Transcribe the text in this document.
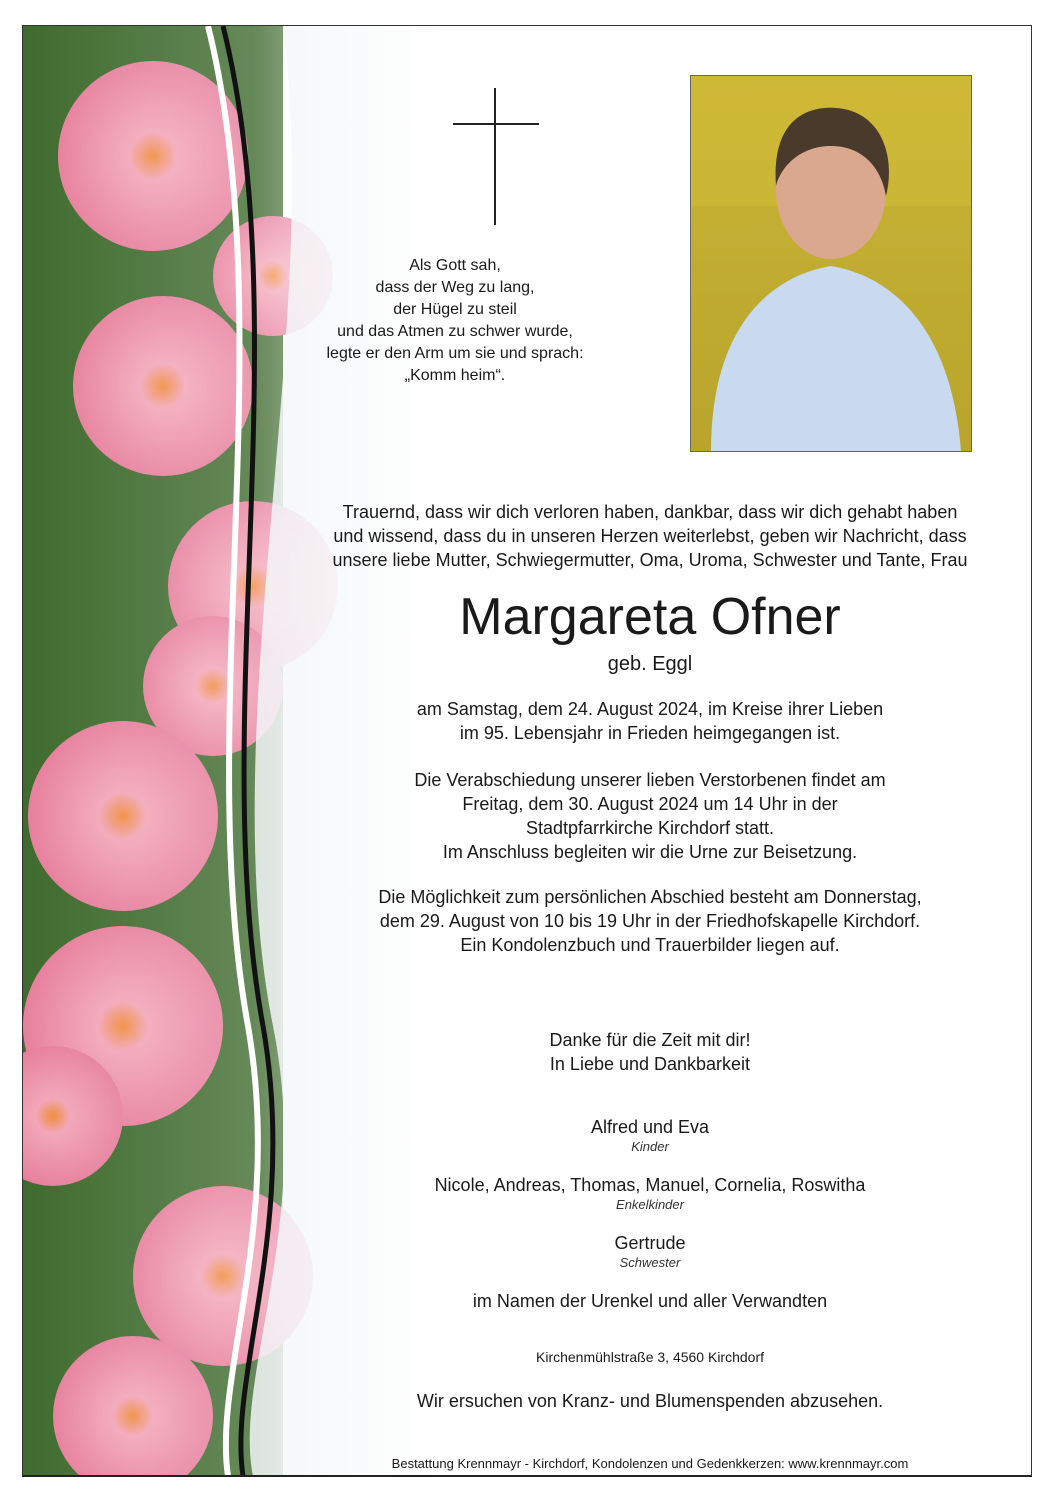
Als Gott sah,
dass der Weg zu lang,
der Hügel zu steil
und das Atmen zu schwer wurde,
legte er den Arm um sie und sprach:
„Komm heim“.
Trauernd, dass wir dich verloren haben, dankbar, dass wir dich gehabt haben
und wissend, dass du in unseren Herzen weiterlebst, geben wir Nachricht, dass
unsere liebe Mutter, Schwiegermutter, Oma, Uroma, Schwester und Tante, Frau
Margareta Ofner
geb. Eggl
am Samstag, dem 24. August 2024, im Kreise ihrer Lieben
im 95. Lebensjahr in Frieden heimgegangen ist.
Die Verabschiedung unserer lieben Verstorbenen findet am
Freitag, dem 30. August 2024 um 14 Uhr in der
Stadtpfarrkirche Kirchdorf statt.
Im Anschluss begleiten wir die Urne zur Beisetzung.
Die Möglichkeit zum persönlichen Abschied besteht am Donnerstag,
dem 29. August von 10 bis 19 Uhr in der Friedhofskapelle Kirchdorf.
Ein Kondolenzbuch und Trauerbilder liegen auf.
Danke für die Zeit mit dir!
In Liebe und Dankbarkeit
Alfred und Eva
Kinder
Nicole, Andreas, Thomas, Manuel, Cornelia, Roswitha
Enkelkinder
Gertrude
Schwester
im Namen der Urenkel und aller Verwandten
Kirchenmühlstraße 3, 4560 Kirchdorf
Wir ersuchen von Kranz- und Blumenspenden abzusehen.
Bestattung Krennmayr - Kirchdorf, Kondolenzen und Gedenkkerzen: www.krennmayr.com
